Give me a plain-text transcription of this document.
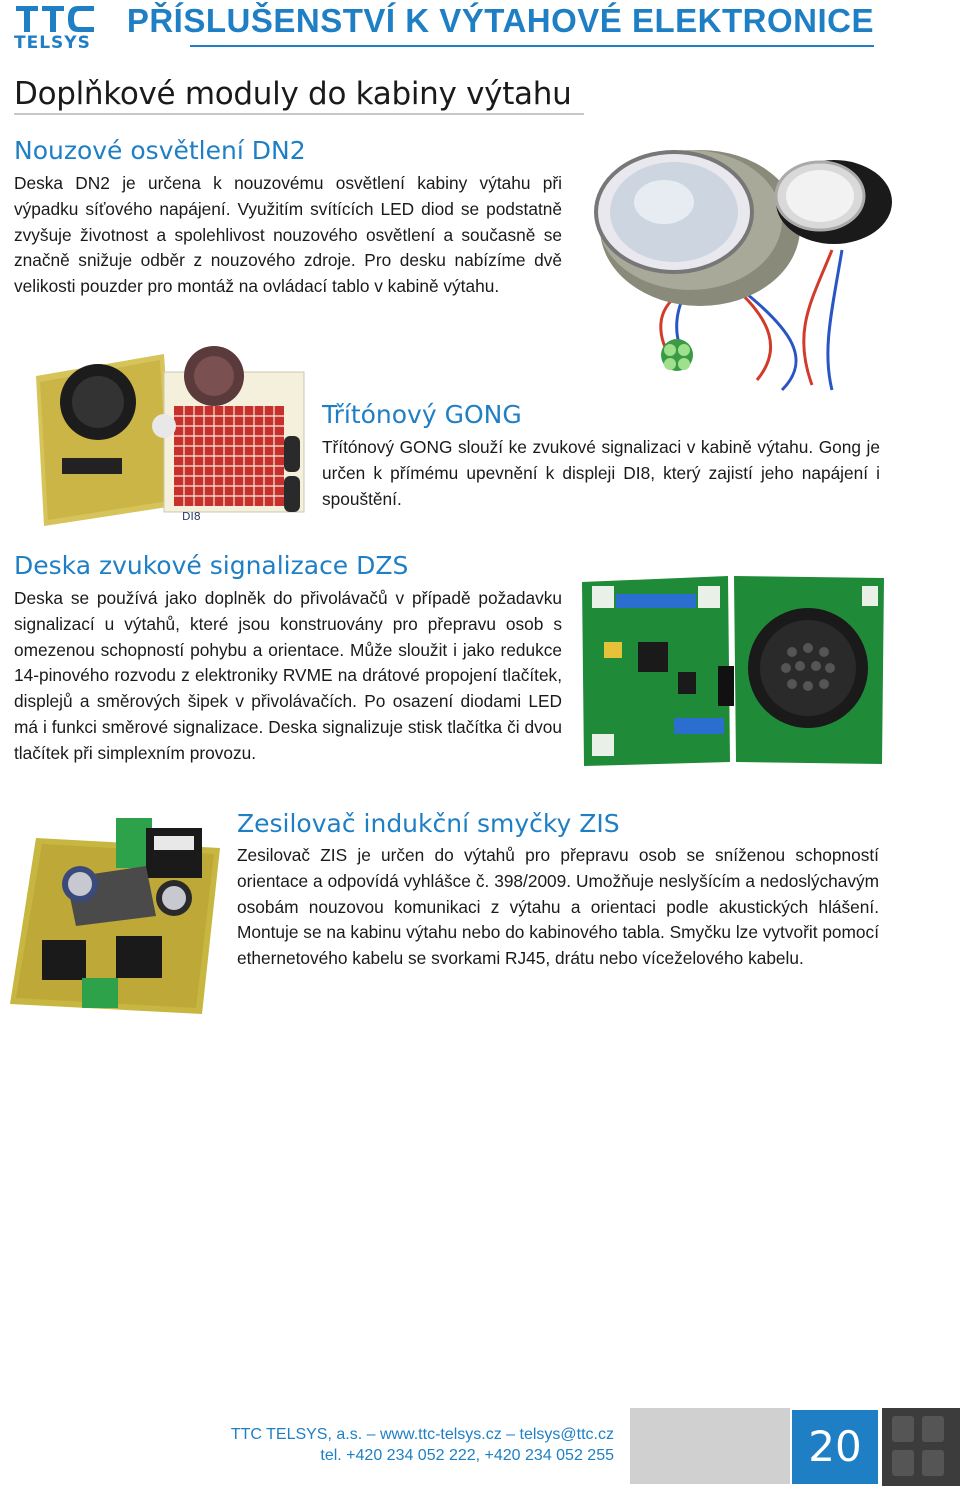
TELSYS
PŘÍSLUŠENSTVÍ K VÝTAHOVÉ ELEKTRONICE
Doplňkové moduly do kabiny výtahu
Nouzové osvětlení DN2
Deska DN2 je určena k nouzovému osvětlení kabiny výtahu při výpadku síťového napájení. Využitím svítících LED diod se podstatně zvyšuje životnost a spolehlivost nouzového osvětlení a současně se značně snižuje odběr z nouzového zdroje. Pro desku nabízíme dvě velikosti pouzder pro montáž na ovládací tablo v kabině výtahu.
DI8
Třítónový GONG
Třítónový GONG slouží ke zvukové signalizaci v kabině výtahu. Gong je určen k přímému upevnění k displeji DI8, který zajistí jeho napájení i spouštění.
Deska zvukové signalizace DZS
Deska se používá jako doplněk do přivolávačů v případě požadavku signalizací u výtahů, které jsou konstruovány pro přepravu osob s omezenou schopností pohybu a orientace. Může sloužit i jako redukce 14-pinového rozvodu z elektroniky RVME na drátové propojení tlačítek, displejů a směrových šipek v přivolávačích. Po osazení diodami LED má i funkci směrové signalizace. Deska signalizuje stisk tlačítka či dvou tlačítek při simplexním provozu.
Zesilovač indukční smyčky ZIS
Zesilovač ZIS je určen do výtahů pro přepravu osob se sníženou schopností orientace a odpovídá vyhlášce č. 398/2009. Umožňuje neslyšícím a nedoslýchavým osobám nouzovou komunikaci z výtahu a orientaci podle akustických hlášení. Montuje se na kabinu výtahu nebo do kabinového tabla. Smyčku lze vytvořit pomocí ethernetového kabelu se svorkami RJ45, drátu nebo víceželového kabelu.
TTC TELSYS, a.s. – www.ttc-telsys.cz – telsys@ttc.cz
tel. +420 234 052 222, +420 234 052 255	20
